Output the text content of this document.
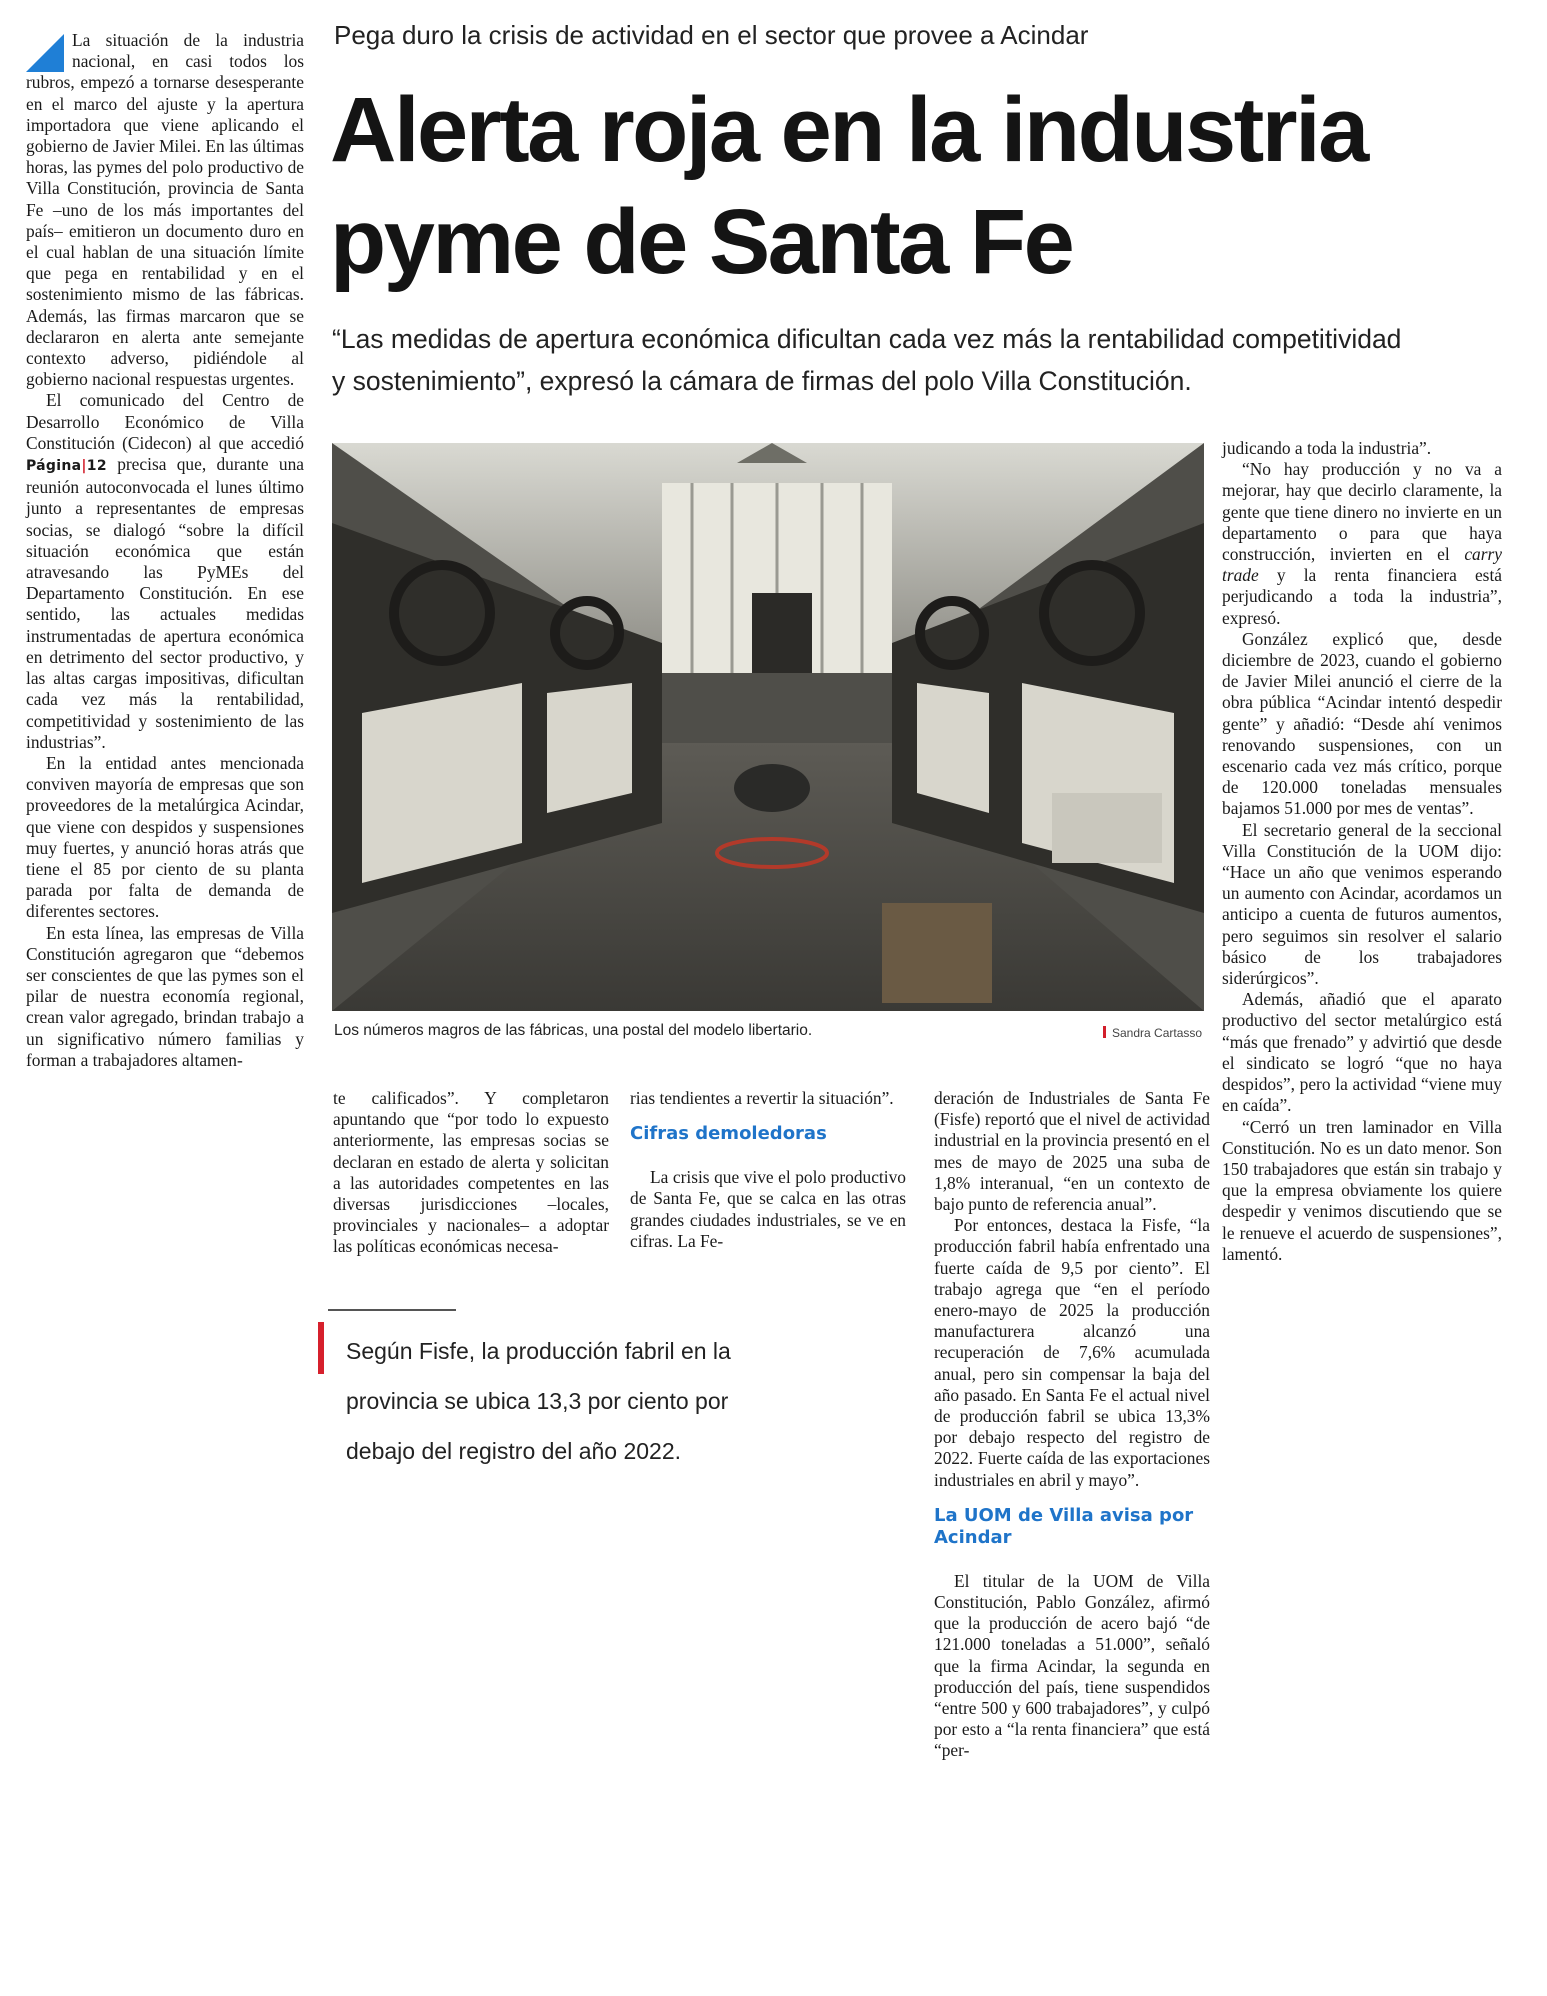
Pega duro la crisis de actividad en el sector que provee a Acindar
Alerta roja en la industria
pyme de Santa Fe
“Las medidas de apertura económica dificultan cada vez más la rentabilidad competitividad
y sostenimiento”, expresó la cámara de firmas del polo Villa Constitución.

La situación de la industria nacional, en casi todos los rubros, empezó a tornarse desesperante en el marco del ajuste y la apertura importadora que viene aplicando el gobierno de Javier Milei. En las últimas horas, las pymes del polo productivo de Villa Constitución, provincia de Santa Fe –uno de los más importantes del país– emitieron un documento duro en el cual hablan de una situación límite que pega en rentabilidad y en el sostenimiento mismo de las fábricas. Además, las firmas marcaron que se declararon en alerta ante semejante contexto adverso, pidiéndole al gobierno nacional respuestas urgentes.

El comunicado del Centro de Desarrollo Económico de Villa Constitución (Cidecon) al que accedió Página|12 precisa que, durante una reunión autoconvocada el lunes último junto a representantes de empresas socias, se dialogó “sobre la difícil situación económica que están atravesando las PyMEs del Departamento Constitución. En ese sentido, las actuales medidas instrumentadas de apertura económica en detrimento del sector productivo, y las altas cargas impositivas, dificultan cada vez más la rentabilidad, competitividad y sostenimiento de las industrias”.

En la entidad antes mencionada conviven mayoría de empresas que son proveedores de la metalúrgica Acindar, que viene con despidos y suspensiones muy fuertes, y anunció horas atrás que tiene el 85 por ciento de su planta parada por falta de demanda de diferentes sectores.

En esta línea, las empresas de Villa Constitución agregaron que “debemos ser conscientes de que las pymes son el pilar de nuestra economía regional, crean valor agregado, brindan trabajo a un significativo número familias y forman a trabajadores altamen-

Los números magros de las fábricas, una postal del modelo libertario.	Sandra Cartasso

te calificados”. Y completaron apuntando que “por todo lo expuesto anteriormente, las empresas socias se declaran en estado de alerta y solicitan a las autoridades competentes en las diversas jurisdicciones –locales, provinciales y nacionales– a adoptar las políticas económicas necesa-

Según Fisfe, la producción fabril en la provincia se ubica 13,3 por ciento por debajo del registro del año 2022.

rias tendientes a revertir la situación”.

Cifras demoledoras

La crisis que vive el polo productivo de Santa Fe, que se calca en las otras grandes ciudades industriales, se ve en cifras. La Fe-

deración de Industriales de Santa Fe (Fisfe) reportó que el nivel de actividad industrial en la provincia presentó en el mes de mayo de 2025 una suba de 1,8% interanual, “en un contexto de bajo punto de referencia anual”.

Por entonces, destaca la Fisfe, “la producción fabril había enfrentado una fuerte caída de 9,5 por ciento”. El trabajo agrega que “en el período enero-mayo de 2025 la producción manufacturera alcanzó una recuperación de 7,6% acumulada anual, pero sin compensar la baja del año pasado. En Santa Fe el actual nivel de producción fabril se ubica 13,3% por debajo respecto del registro de 2022. Fuerte caída de las exportaciones industriales en abril y mayo”.

La UOM de Villa avisa por Acindar

El titular de la UOM de Villa Constitución, Pablo González, afirmó que la producción de acero bajó “de 121.000 toneladas a 51.000”, señaló que la firma Acindar, la segunda en producción del país, tiene suspendidos “entre 500 y 600 trabajadores”, y culpó por esto a “la renta financiera” que está “per-

judicando a toda la industria”.

“No hay producción y no va a mejorar, hay que decirlo claramente, la gente que tiene dinero no invierte en un departamento o para que haya construcción, invierten en el carry trade y la renta financiera está perjudicando a toda la industria”, expresó.

González explicó que, desde diciembre de 2023, cuando el gobierno de Javier Milei anunció el cierre de la obra pública “Acindar intentó despedir gente” y añadió: “Desde ahí venimos renovando suspensiones, con un escenario cada vez más crítico, porque de 120.000 toneladas mensuales bajamos 51.000 por mes de ventas”.

El secretario general de la seccional Villa Constitución de la UOM dijo: “Hace un año que venimos esperando un aumento con Acindar, acordamos un anticipo a cuenta de futuros aumentos, pero seguimos sin resolver el salario básico de los trabajadores siderúrgicos”.

Además, añadió que el aparato productivo del sector metalúrgico está “más que frenado” y advirtió que desde el sindicato se logró “que no haya despidos”, pero la actividad “viene muy en caída”.

“Cerró un tren laminador en Villa Constitución. No es un dato menor. Son 150 trabajadores que están sin trabajo y que la empresa obviamente los quiere despedir y venimos discutiendo que se le renueve el acuerdo de suspensiones”, lamentó.
